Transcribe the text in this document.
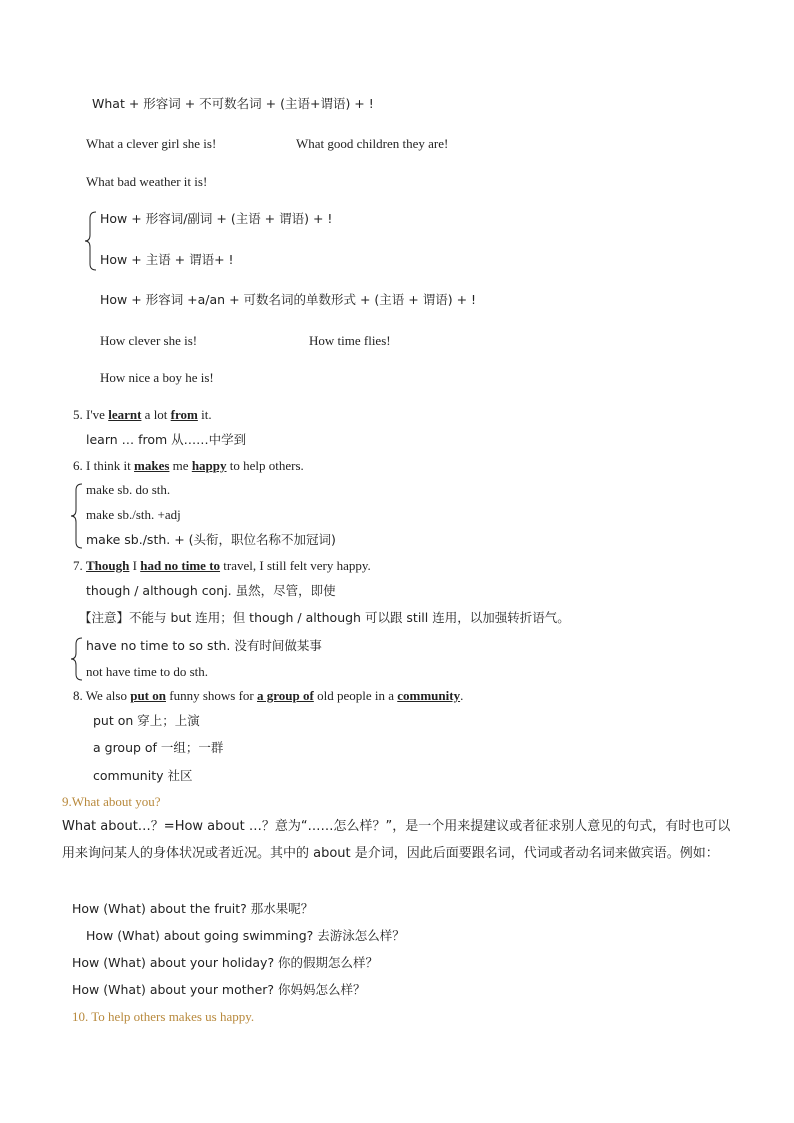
What + 形容词 + 不可数名词 + (主语+谓语) + !
What a clever girl she is!	What good children they are!
What bad weather it is!
How + 形容词/副词 + (主语 + 谓语) + !
How + 主语 + 谓语+ !
How + 形容词 +a/an + 可数名词的单数形式 + (主语 + 谓语) + !
How clever she is!	How time flies!
How nice a boy he is!
5. I've learnt a lot from it.
learn … from 从……中学到
6. I think it makes me happy to help others.
make sb. do sth.
make sb./sth. +adj
make sb./sth. + (头衔，职位名称不加冠词)
7. Though I had no time to travel, I still felt very happy.
though / although conj. 虽然，尽管，即使
【注意】不能与 but 连用；但 though / although 可以跟 still 连用，以加强转折语气。
have no time to so sth. 没有时间做某事
not have time to do sth.
8. We also put on funny shows for a group of old people in a community.
put on 穿上；上演
a group of 一组；一群
community 社区
9.What about you?
What about…？=How about …？意为“……怎么样？”，是一个用来提建议或者征求别人意见的句式，有时也可以用来询问某人的身体状况或者近况。其中的 about 是介词，因此后面要跟名词，代词或者动名词来做宾语。例如：
How (What) about the fruit? 那水果呢？
How (What) about going swimming? 去游泳怎么样？
How (What) about your holiday? 你的假期怎么样？
How (What) about your mother? 你妈妈怎么样？
10. To help others makes us happy.
